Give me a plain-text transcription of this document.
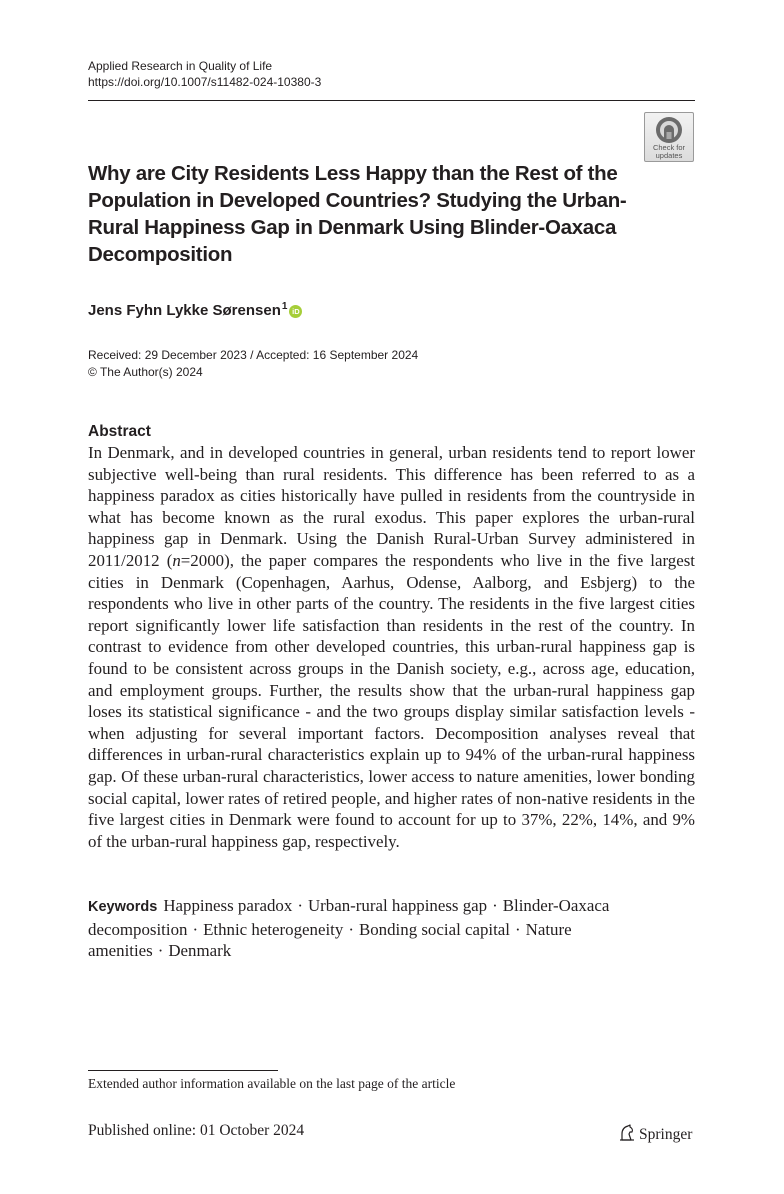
Applied Research in Quality of Life
https://doi.org/10.1007/s11482-024-10380-3
Check for
updates
Why are City Residents Less Happy than the Rest of the Population in Developed Countries? Studying the Urban-Rural Happiness Gap in Denmark Using Blinder-Oaxaca Decomposition
Jens Fyhn Lykke Sørensen$^1$ iD
Received: 29 December 2023 / Accepted: 16 September 2024
© The Author(s) 2024
Abstract

In Denmark, and in developed countries in general, urban residents tend to report lower subjective well-being than rural residents. This difference has been referred to as a happiness paradox as cities historically have pulled in residents from the countryside in what has become known as the rural exodus. This paper explores the urban-rural happiness gap in Denmark. Using the Danish Rural-Urban Survey administered in 2011/2012 (n=2000), the paper compares the respondents who live in the five largest cities in Denmark (Copenhagen, Aarhus, Odense, Aalborg, and Esbjerg) to the respondents who live in other parts of the country. The residents in the five largest cities report significantly lower life satisfaction than residents in the rest of the country. In contrast to evidence from other developed countries, this urban-rural happiness gap is found to be consistent across groups in the Danish society, e.g., across age, education, and employment groups. Further, the results show that the urban-rural happiness gap loses its statistical significance - and the two groups display similar satisfaction levels - when adjusting for several important factors. Decomposition analyses reveal that differences in urban-rural characteristics explain up to 94% of the urban-rural happiness gap. Of these urban-rural characteristics, lower access to nature amenities, lower bonding social capital, lower rates of retired people, and higher rates of non-native residents in the five largest cities in Denmark were found to account for up to 37%, 22%, 14%, and 9% of the urban-rural happiness gap, respectively.

Keywords Happiness paradox · Urban-rural happiness gap · Blinder-Oaxaca decomposition · Ethnic heterogeneity · Bonding social capital · Nature amenities · Denmark

Extended author information available on the last page of the article
Published online: 01 October 2024	Springer
